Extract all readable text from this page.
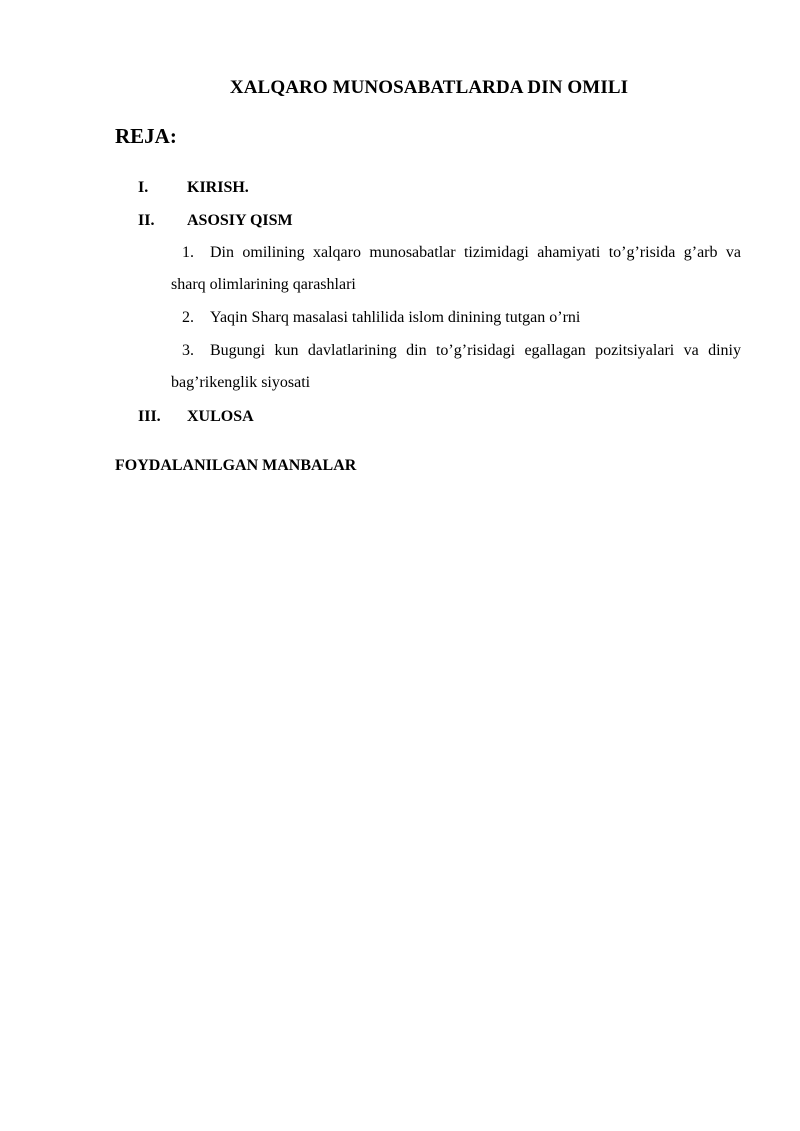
XALQARO MUNOSABATLARDA DIN OMILI
REJA:
I. KIRISH.
II. ASOSIY QISM
1. Din omilining xalqaro munosabatlar tizimidagi ahamiyati to’g’risida g’arb va sharq olimlarining qarashlari
2. Yaqin Sharq masalasi tahlilida islom dinining tutgan o’rni
3. Bugungi kun davlatlarining din to’g’risidagi egallagan pozitsiyalari va diniy bag’rikenglik siyosati
III. XULOSA
FOYDALANILGAN MANBALAR
